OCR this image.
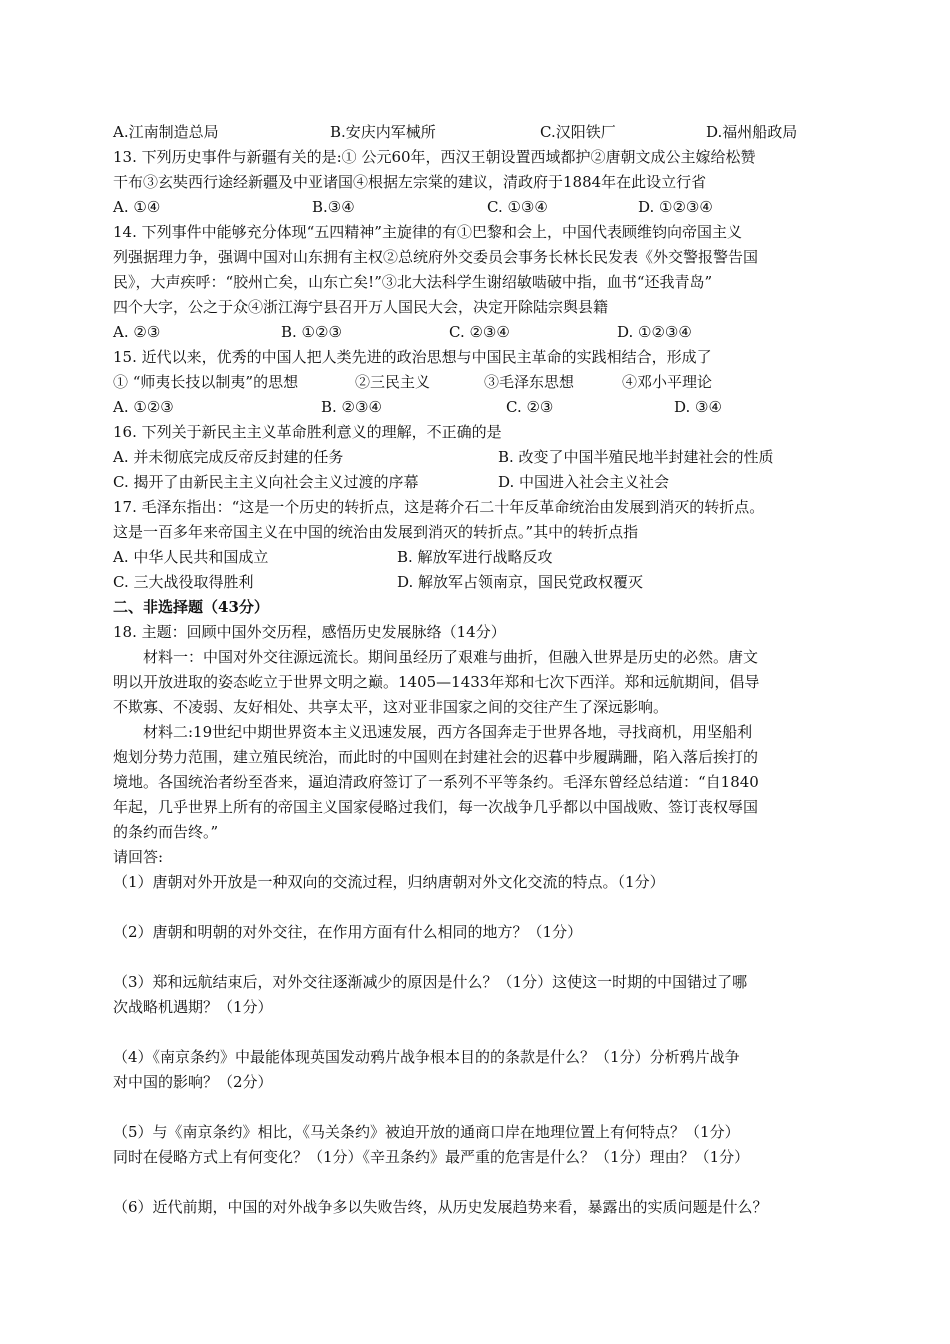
A.江南制造总局	B.安庆内军械所	C.汉阳铁厂	D.福州船政局
13. 下列历史事件与新疆有关的是:① 公元60年，西汉王朝设置西域都护②唐朝文成公主嫁给松赞
干布③玄奘西行途经新疆及中亚诸国④根据左宗棠的建议，清政府于1884年在此设立行省
A. ①④	B.③④	C. ①③④	D. ①②③④
14. 下列事件中能够充分体现“五四精神”主旋律的有①巴黎和会上，中国代表顾维钧向帝国主义
列强据理力争，强调中国对山东拥有主权②总统府外交委员会事务长林长民发表《外交警报警告国
民》，大声疾呼：“胶州亡矣，山东亡矣!”③北大法科学生谢绍敏啮破中指，血书“还我青岛”
四个大字，公之于众④浙江海宁县召开万人国民大会，决定开除陆宗舆县籍
A. ②③	B. ①②③	C. ②③④	D. ①②③④
15. 近代以来，优秀的中国人把人类先进的政治思想与中国民主革命的实践相结合，形成了
① “师夷长技以制夷”的思想	②三民主义	③毛泽东思想	④邓小平理论
A. ①②③	B. ②③④	C. ②③	D. ③④
16. 下列关于新民主主义革命胜利意义的理解，不正确的是
A. 并未彻底完成反帝反封建的任务	B. 改变了中国半殖民地半封建社会的性质
C. 揭开了由新民主主义向社会主义过渡的序幕	D. 中国进入社会主义社会
17. 毛泽东指出：“这是一个历史的转折点，这是蒋介石二十年反革命统治由发展到消灭的转折点。
这是一百多年来帝国主义在中国的统治由发展到消灭的转折点。”其中的转折点指
A. 中华人民共和国成立	B. 解放军进行战略反攻
C. 三大战役取得胜利	D. 解放军占领南京，国民党政权覆灭
二、非选择题（43分）
18. 主题：回顾中国外交历程，感悟历史发展脉络（14分）
材料一：中国对外交往源远流长。期间虽经历了艰难与曲折，但融入世界是历史的必然。唐文
明以开放进取的姿态屹立于世界文明之巅。1405—1433年郑和七次下西洋。郑和远航期间，倡导
不欺寡、不凌弱、友好相处、共享太平，这对亚非国家之间的交往产生了深远影响。
材料二:19世纪中期世界资本主义迅速发展，西方各国奔走于世界各地，寻找商机，用坚船利
炮划分势力范围，建立殖民统治，而此时的中国则在封建社会的迟暮中步履蹒跚，陷入落后挨打的
境地。各国统治者纷至沓来，逼迫清政府签订了一系列不平等条约。毛泽东曾经总结道：“自1840
年起，几乎世界上所有的帝国主义国家侵略过我们，每一次战争几乎都以中国战败、签订丧权辱国
的条约而告终。”
请回答:
（1）唐朝对外开放是一种双向的交流过程，归纳唐朝对外文化交流的特点。（1分）
（2）唐朝和明朝的对外交往，在作用方面有什么相同的地方？（1分）
（3）郑和远航结束后，对外交往逐渐减少的原因是什么？（1分）这使这一时期的中国错过了哪
次战略机遇期？（1分）
（4）《南京条约》中最能体现英国发动鸦片战争根本目的的条款是什么？（1分）分析鸦片战争
对中国的影响？（2分）
（5）与《南京条约》相比，《马关条约》被迫开放的通商口岸在地理位置上有何特点？（1分）
同时在侵略方式上有何变化？（1分）《辛丑条约》最严重的危害是什么？（1分）理由？（1分）
（6）近代前期，中国的对外战争多以失败告终，从历史发展趋势来看，暴露出的实质问题是什么？
